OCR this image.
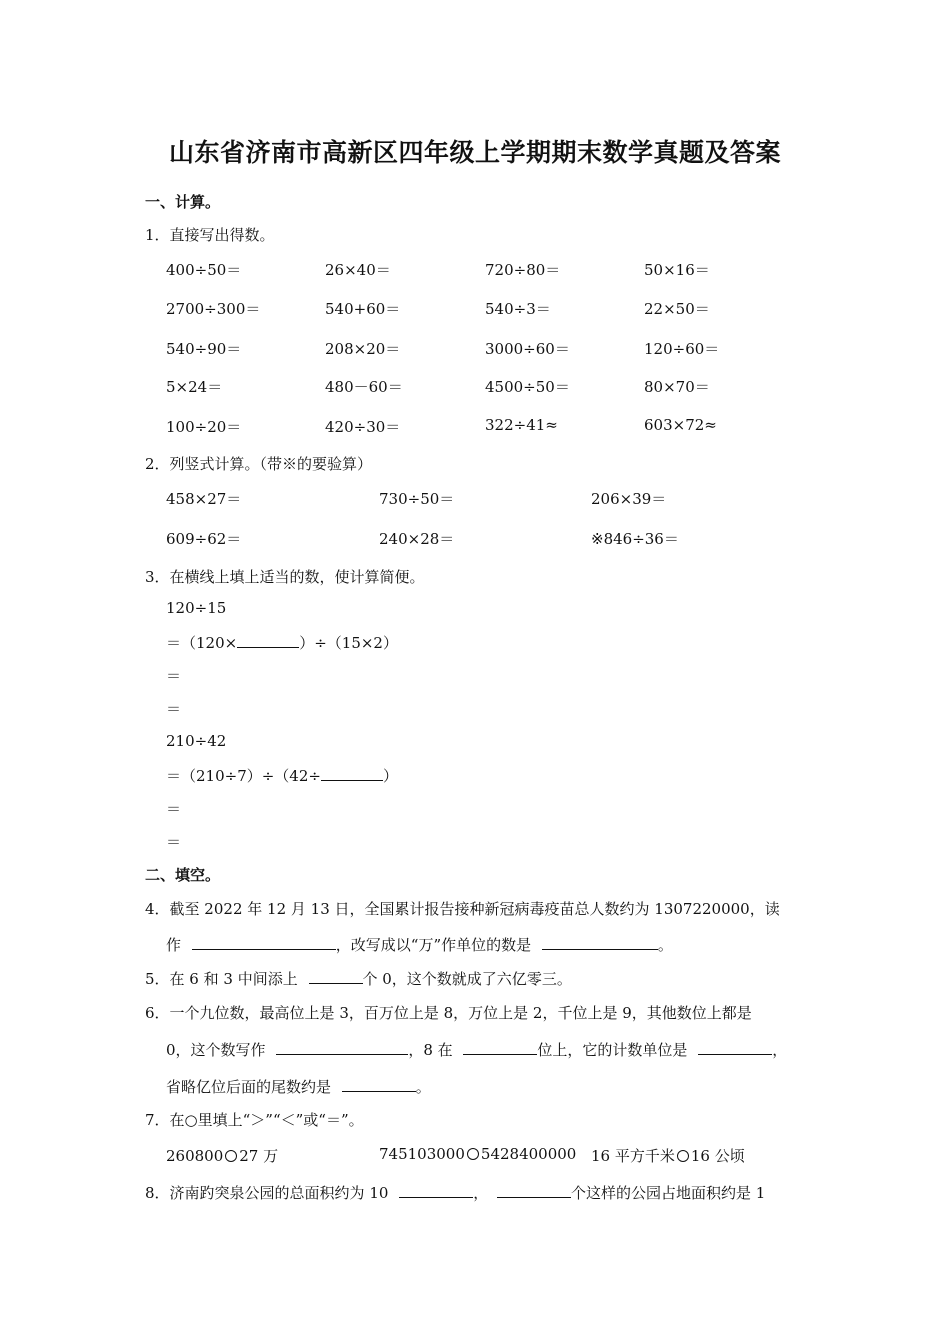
山东省济南市高新区四年级上学期期末数学真题及答案
一、计算。
1．直接写出得数。
400÷50＝	26×40＝	720÷80＝	50×16＝
2700÷300＝	540+60＝	540÷3＝	22×50＝
540÷90＝	208×20＝	3000÷60＝	120÷60＝
5×24＝	480－60＝	4500÷50＝	80×70＝
100÷20＝	420÷30＝	322÷41≈	603×72≈
2．列竖式计算。（带※的要验算）
458×27＝	730÷50＝	206×39＝
609÷62＝	240×28＝	※846÷36＝
3．在横线上填上适当的数，使计算简便。
120÷15
＝（120×	）÷（15×2）
＝
＝
210÷42
＝（210÷7）÷（42÷	）
＝
＝
二、填空。
4．截至 2022 年 12 月 13 日，全国累计报告接种新冠病毒疫苗总人数约为 1307220000，读
作	，改写成以“万”作单位的数是	。
5．在 6 和 3 中间添上	个 0，这个数就成了六亿零三。
6．一个九位数，最高位上是 3，百万位上是 8，万位上是 2，千位上是 9，其他数位上都是
0，这个数写作	，8 在	位上，它的计数单位是	，
省略亿位后面的尾数约是	。
7．在○里填上“＞”“＜”或“＝”。
260800 27 万	745103000 5428400000 16 平方千米 16 公顷
8．济南趵突泉公园的总面积约为 10	，	个这样的公园占地面积约是 1
